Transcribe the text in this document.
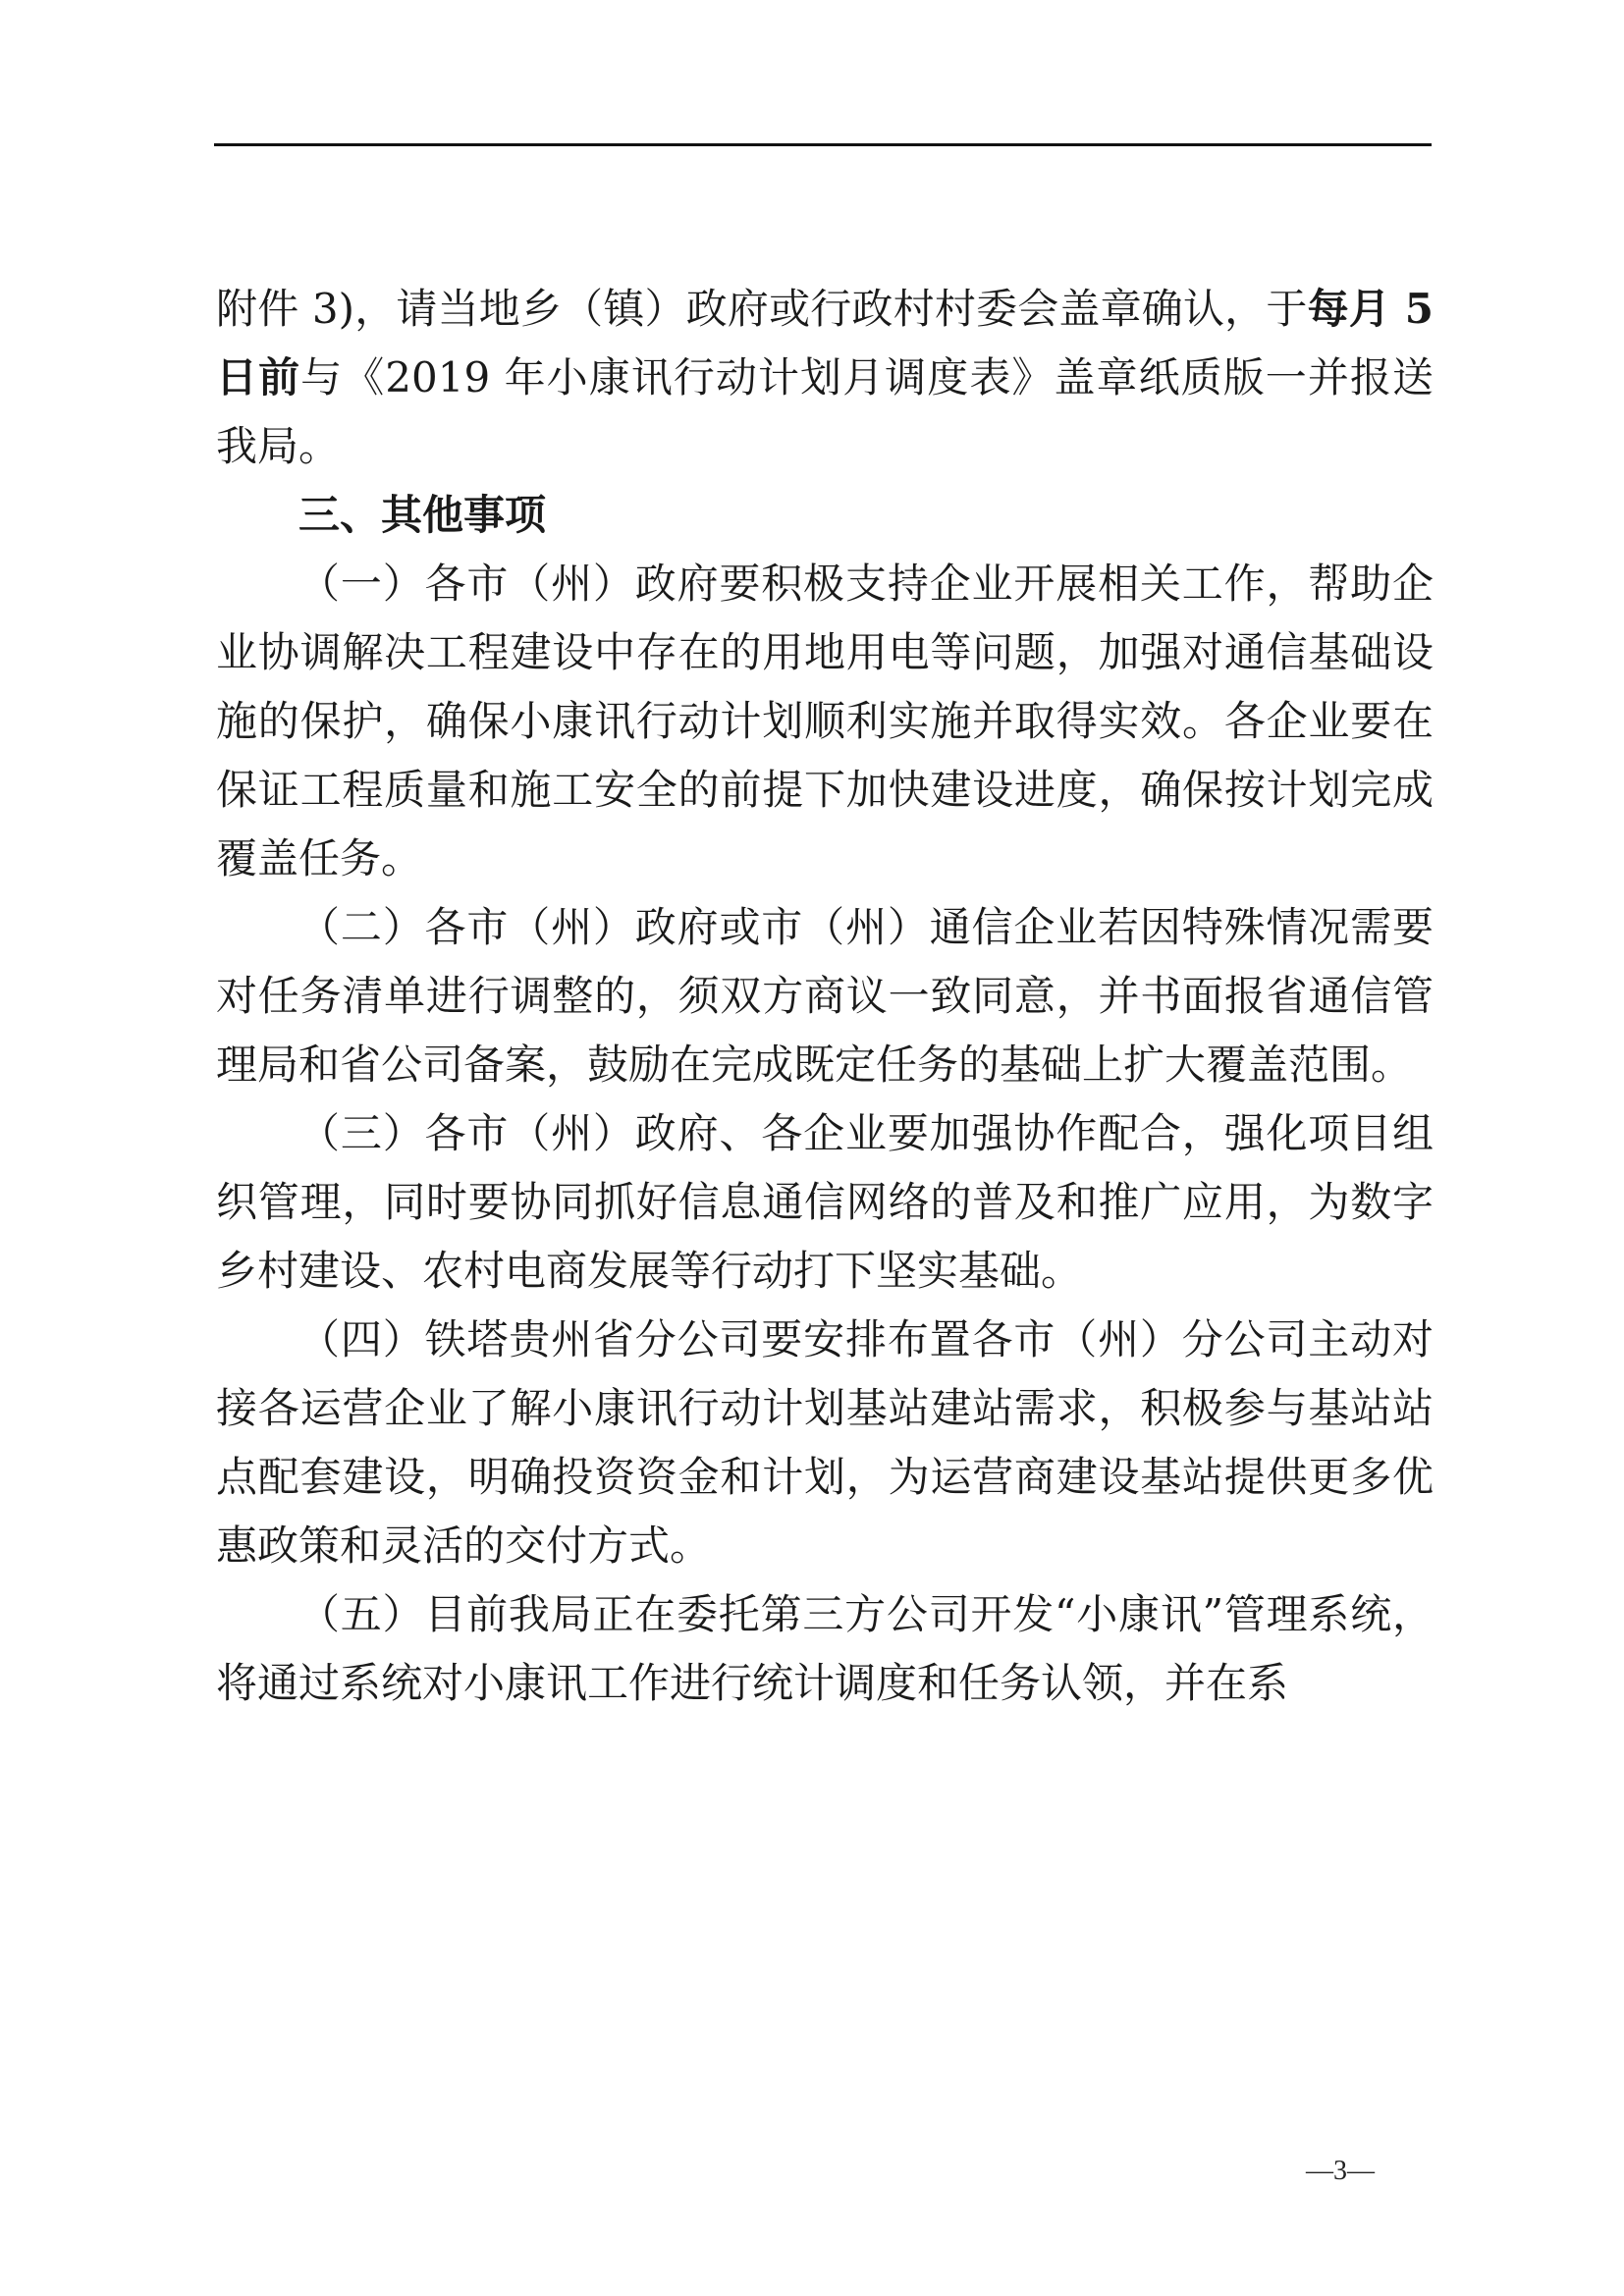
附件 3)，请当地乡（镇）政府或行政村村委会盖章确认，于每月 5 日前与《2019 年小康讯行动计划月调度表》盖章纸质版一并报送我局。

三、其他事项

（一）各市（州）政府要积极支持企业开展相关工作，帮助企业协调解决工程建设中存在的用地用电等问题，加强对通信基础设施的保护，确保小康讯行动计划顺利实施并取得实效。各企业要在保证工程质量和施工安全的前提下加快建设进度，确保按计划完成覆盖任务。

（二）各市（州）政府或市（州）通信企业若因特殊情况需要对任务清单进行调整的，须双方商议一致同意，并书面报省通信管理局和省公司备案，鼓励在完成既定任务的基础上扩大覆盖范围。

（三）各市（州）政府、各企业要加强协作配合，强化项目组织管理，同时要协同抓好信息通信网络的普及和推广应用，为数字乡村建设、农村电商发展等行动打下坚实基础。

（四）铁塔贵州省分公司要安排布置各市（州）分公司主动对接各运营企业了解小康讯行动计划基站建站需求，积极参与基站站点配套建设，明确投资资金和计划，为运营商建设基站提供更多优惠政策和灵活的交付方式。

（五）目前我局正在委托第三方公司开发“小康讯”管理系统，将通过系统对小康讯工作进行统计调度和任务认领，并在系

—3—
